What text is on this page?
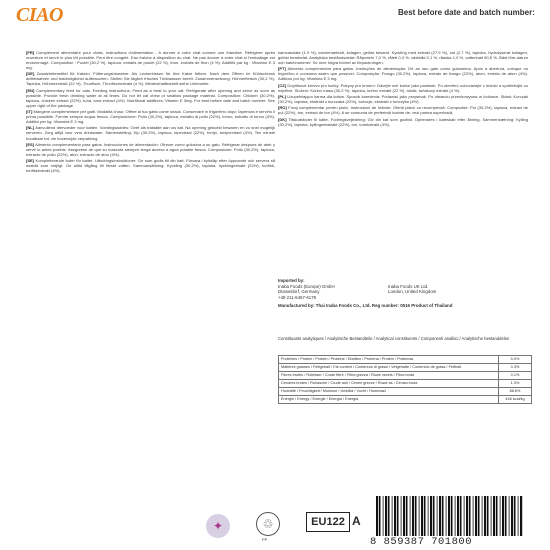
CIAO	Best before date and batch number:

[FR] Complément alimentaire pour chats. Instructions d'alimentation : A donner à votre chat comme une friandise. Réfrigérer après ouverture et servir le plus tôt possible. Peut être congelé. Eau fraîche à disposition du chat. Ne pas donner à votre chat si l'emballage est endommagé. Composition : Poulet (30,2 %), tapioca, extraits de poulet (22 %), thon, extraits de thon (4 %). Additifs par kg : Vitamine E 3 mg.

[DE] Zusatzfuttermittel für Katzen. Fütterungshinweise: Als Leckerbissen für Ihre Katze füttern. Nach dem Öffnen im Kühlschrank aufbewahren und baldmöglichst aufbrauchen. Stellen Sie täglich frisches Trinkwasser bereit. Zusammensetzung: Hühnerfleisch (30,2 %), Tapioka, Hühnerextrakt (22 %), Thunfisch, Thunfischextrakt (4 %). Mindesthaltbarkeit siehe Unterseite.

[EN] Complementary feed for cats. Feeding instructions: Feed as a treat to your cat. Refrigerate after opening and serve as soon as possible. Provide fresh drinking water at all times. Do not let cat chew or swallow package material. Composition: Chicken (30.2%), tapioca, chicken extract (22%), tuna, tuna extract (4%). Nutritional additives: Vitamin E 3mg. For best before date and batch number: See upper right of the package.

[IT] Mangime complementare per gatti. Modalità d'uso: Offrire al tuo gatto come snack. Conservare in frigorifero dopo l'apertura e servirlo il prima possibile. Fornire sempre acqua fresca. Composizione: Pollo (30,2%), tapioca, estratto di pollo (22%), tonno, estratto di tonno (4%). Additivi per kg: Vitamina E 3 mg.

[NL] Aanvullend diervoeder voor katten. Voedingsadvies: Geef als traktatie aan uw kat. Na opening gekoeld bewaren en zo snel mogelijk serveren. Zorg altijd voor vers drinkwater. Samenstelling: Kip (30,2%), tapioca, kipextract (22%), tonijn, tonijnextract (4%). Ten minste houdbaar tot: zie bovenzijde verpakking.

[ES] Alimento complementario para gatos. Instrucciones de alimentación: Ofrecer como golosina a su gato. Refrigerar después de abrir y servir lo antes posible. Asegúrese de que su mascota siempre tenga acceso a agua potable fresca. Composición: Pollo (30,2%), tapioca, extracto de pollo (22%), atún, extracto de atún (4%).

[SE] Kompletterande foder för katter. Utfodringsinstruktioner: Ge som godis till din katt. Förvara i kylskåp efter öppnande och servera så snabbt som möjligt. Ge alltid tillgång till färskt vatten. Sammansättning: Kyckling (30,2%), tapioka, kycklingextrakt (22%), tonfisk, tonfiskextrakt (4%).

kamvasulate (1.9 %), vannenaebralt, kolagen, gelöst besamt. Kyckling med extrakt (27,9 %), ost (2,7 %), tapioka, hydrolyserat kollagen, gelöst bearbetat. Analytiska beståndsdelar: Råprotein 7,0 %, råfett 0,3 %, växttråd 0,1 %, råaska 1,0 %, vattenhalt 90,5 %. Bäst före-datum och batchnummer: Se övre högra hörnet av förpackningen.

[PT] Alimento complementar para gatos. Instruções de alimentação: Dê ao seu gato como guloseima. Após a abertura, coloque no frigorífico e consuma assim que possível. Composição: Frango (30,2%), tapioca, extrato de frango (22%), atum, extrato de atum (4%). Aditivos por kg: Vitamina E 3 mg.

[CZ] Doplňkové krmivo pro kočky. Pokyny pro krmení: Dávejte své kočce jako pamlsek. Po otevření uchovávejte v lednici a spotřebujte co nejdříve. Složení: Kuřecí maso (30,2 %), tapioka, kuřecí extrakt (22 %), tuňák, tuňákový extrakt (4 %).

[PL] Uzupełniająca karma dla kotów. Sposób karmienia: Podawać jako przysmak. Po otwarciu przechowywać w lodówce. Skład: Kurczak (30,2%), tapioka, ekstrakt z kurczaka (22%), tuńczyk, ekstrakt z tuńczyka (4%).

[RO] Furaj complementar pentru pisici. Instrucțiuni de hrănire: Oferiți pisicii ca recompensă. Compoziție: Pui (30,2%), tapioca, extract de pui (22%), ton, extract de ton (4%). A se consuma de preferință înainte de: vezi partea superioară.

[DK] Tilskudsfoder til katte. Fodringsvejledning: Giv din kat som godbid. Opbevares i køleskab efter åbning. Sammensætning: Kylling (30,2%), tapioka, kyllingeekstrakt (22%), tun, tunekstrakt (4%).

Imported by:
Inaba Foods (Europe) GmbH	Inaba Foods UK Ltd.
Düsseldorf, Germany	London, United Kingdom
+49 211-5467-6179
Manufactured by: Thai Inaba Foods Co., Ltd. Reg number: 0516 Product of Thailand
Constituants analytiques / Analytische Bestandteile / Analytical constituents / Componenti analitici / Analytische bestanddelen
Protéines / Protein / Protein / Proteine / Eiwitten / Proteína / Protein / Proteínas	5.0%
Matières grasses / Fettgehalt / Fat content / Contenuto di grassi / Vetgehalte / Contenido de grasa / Fetthalt	0.3%
Fibres brutes / Rohfaser / Crude fibre / Fibra grezza / Ruwe vezels / Fibra bruta	0.1%
Cendres brutes / Rohasche / Crude ash / Ceneri grezze / Ruwe as / Ceniza bruta	1.3%
Humidité / Feuchtigkeit / Moisture / Umidità / Vocht / Humedad	88.6%
Énergie / Energy / Energie / Energía / Energia	446 kcal/kg
✦	♲
PP
EU122 A
8 859387 701800
